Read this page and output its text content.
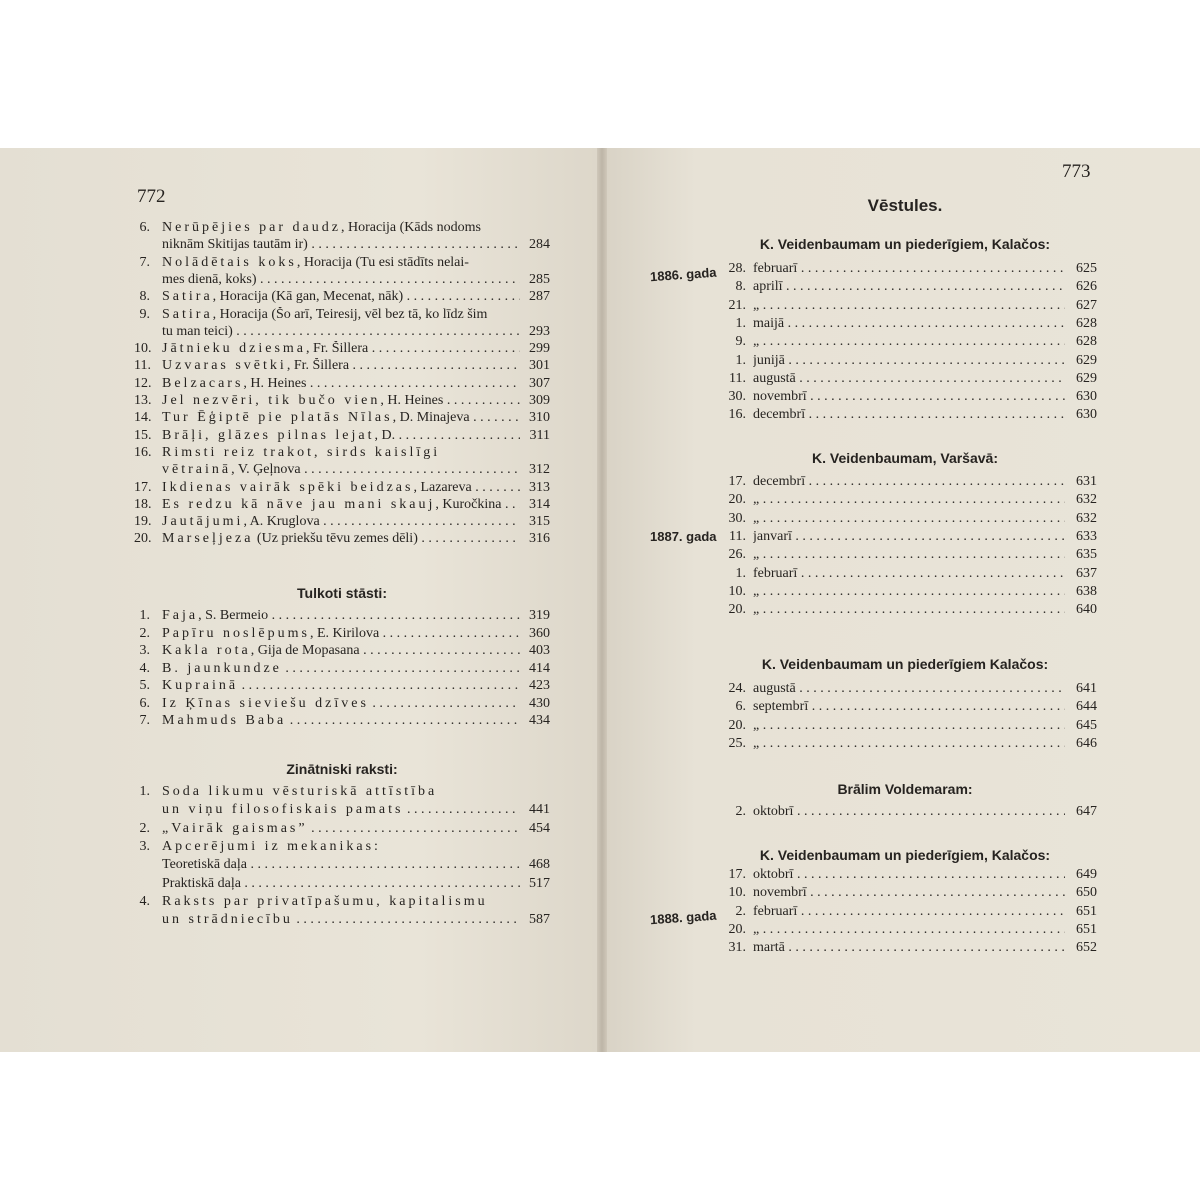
772
6. Nerūpējies par daudz, Horacija (Kāds nodoms
niknām Skitijas tautām ir) . . .	284
7. Nolādētais koks, Horacija (Tu esi stādīts nelai-
mes dienā, koks) . . .	285
8. Satira, Horacija (Kā gan, Mecenat, nāk) . . .	287
9. Satira, Horacija (Šo arī, Teiresij, vēl bez tā, ko līdz šim
tu man teici) . . .	293
10. Jātnieku dziesma, Fr. Šillera . . .	299
11. Uzvaras svētki, Fr. Šillera . . .	301
12. Belzacars, H. Heines . . .	307
13. Jel nezvēri, tik bučo vien, H. Heines . . .	309
14. Tur Ēģiptē pie platās Nīlas, D. Minajeva . . .	310
15. Brāļi, glāzes pilnas lejat, D. . . .	311
16. Rimsti reiz trakot, sirds kaislīgi
vētrainā, V. Ģeļnova . . .	312
17. Ikdienas vairāk spēki beidzas, Lazareva . . .	313
18. Es redzu kā nāve jau mani skauj, Kuročkina . . .	314
19. Jautājumi, A. Kruglova . . .	315
20. Marseļjeza (Uz priekšu tēvu zemes dēli) . . .	316
Tulkoti stāsti:
1. Faja, S. Bermeio . . .	319
2. Papīru noslēpums, E. Kirilova . . .	360
3. Kakla rota, Gija de Mopasana . . .	403
4. B. jaunkundze . . .	414
5. Kuprainā . . .	423
6. Iz Ķīnas sieviešu dzīves . . .	430
7. Mahmuds Baba . . .	434
Zinātniski raksti:
1. Soda likumu vēsturiskā attīstība
un viņu filosofiskais pamats . . .	441
2. „Vairāk gaismas” . . .	454
3. Apcerējumi iz mekanikas:
Teoretiskā daļa . . .	468
Praktiskā daļa . . .	517
4. Raksts par privatīpašumu, kapitalismu
un strādniecību . . .	587
773
Vēstules.
K. Veidenbaumam un piederīgiem, Kalačos:
28. februarī . . .	625
8. aprilī . . .	626
21. „ . . .	627
1. maijā . . .	628
9. „ . . .	628
1. junijā . . .	629
11. augustā . . .	629
30. novembrī . . .	630
16. decembrī . . .	630
1886. gada
K. Veidenbaumam, Varšavā:
17. decembrī . . .	631
20. „ . . .	632
30. „ . . .	632
11. janvarī . . .	633
26. „ . . .	635
1. februarī . . .	637
10. „ . . .	638
20. „ . . .	640
1887. gada
K. Veidenbaumam un piederīgiem Kalačos:
24. augustā . . .	641
6. septembrī . . .	644
20. „ . . .	645
25. „ . . .	646
Brālim Voldemaram:
2. oktobrī . . .	647
K. Veidenbaumam un piederīgiem, Kalačos:
17. oktobrī . . .	649
10. novembrī . . .	650
2. februarī . . .	651
20. „ . . .	651
31. martā . . .	652
1888. gada
